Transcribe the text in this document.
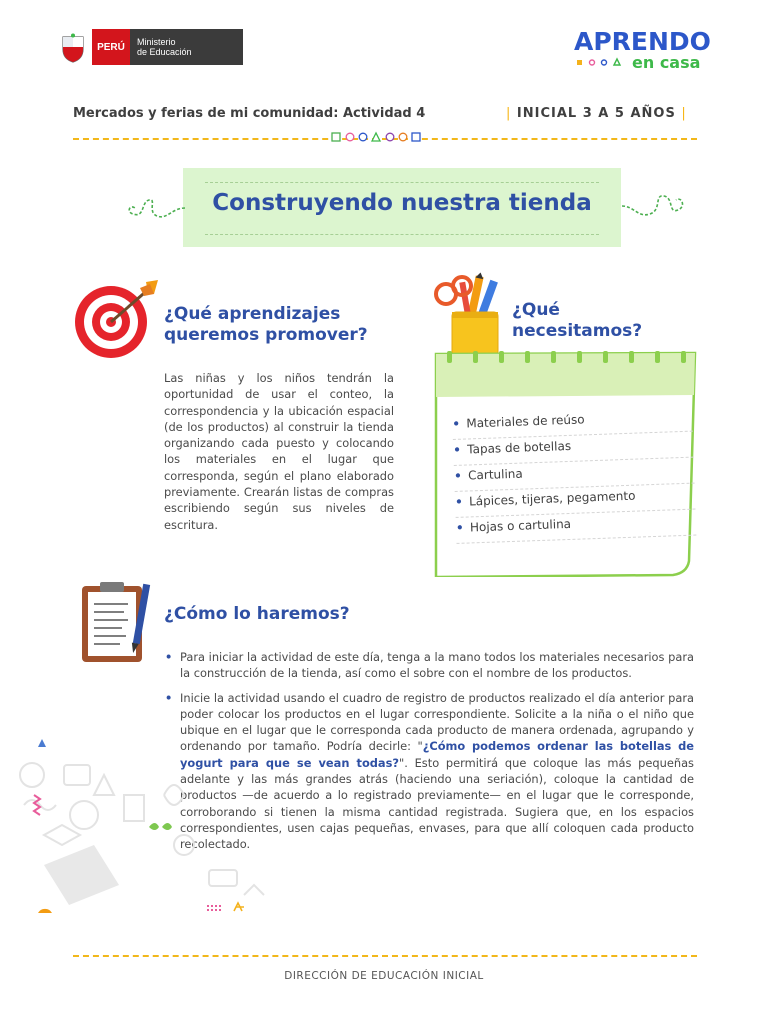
PERÚ	Ministerio
de Educación	APRENDO
en casa
Mercados y ferias de mi comunidad: Actividad 4	| INICIAL 3 A 5 AÑOS |
Construyendo nuestra tienda
¿Qué aprendizajes
queremos promover?
Las niñas y los niños tendrán la oportunidad de usar el conteo, la correspondencia y la ubicación espacial (de los productos) al construir la tienda organizando cada puesto y colocando los materiales en el lugar que corresponda, según el plano elaborado previamente. Crearán listas de compras escribiendo según sus niveles de escritura.
¿Qué
necesitamos?
• Materiales de reúso
• Tapas de botellas
• Cartulina
• Lápices, tijeras, pegamento
• Hojas o cartulina
¿Cómo lo haremos?
• Para iniciar la actividad de este día, tenga a la mano todos los materiales necesarios para la construcción de la tienda, así como el sobre con el nombre de los productos.
• Inicie la actividad usando el cuadro de registro de productos realizado el día anterior para poder colocar los productos en el lugar correspondiente. Solicite a la niña o el niño que ubique en el lugar que le corresponda cada producto de manera ordenada, agrupando y ordenando por tamaño. Podría decirle: "¿Cómo podemos ordenar las botellas de yogurt para que se vean todas?". Esto permitirá que coloque las más pequeñas adelante y las más grandes atrás (haciendo una seriación), coloque la cantidad de productos —de acuerdo a lo registrado previamente— en el lugar que le corresponde, corroborando si tienen la misma cantidad registrada. Sugiera que, en los espacios correspondientes, usen cajas pequeñas, envases, para que allí coloquen cada producto recolectado.
DIRECCIÓN DE EDUCACIÓN INICIAL
